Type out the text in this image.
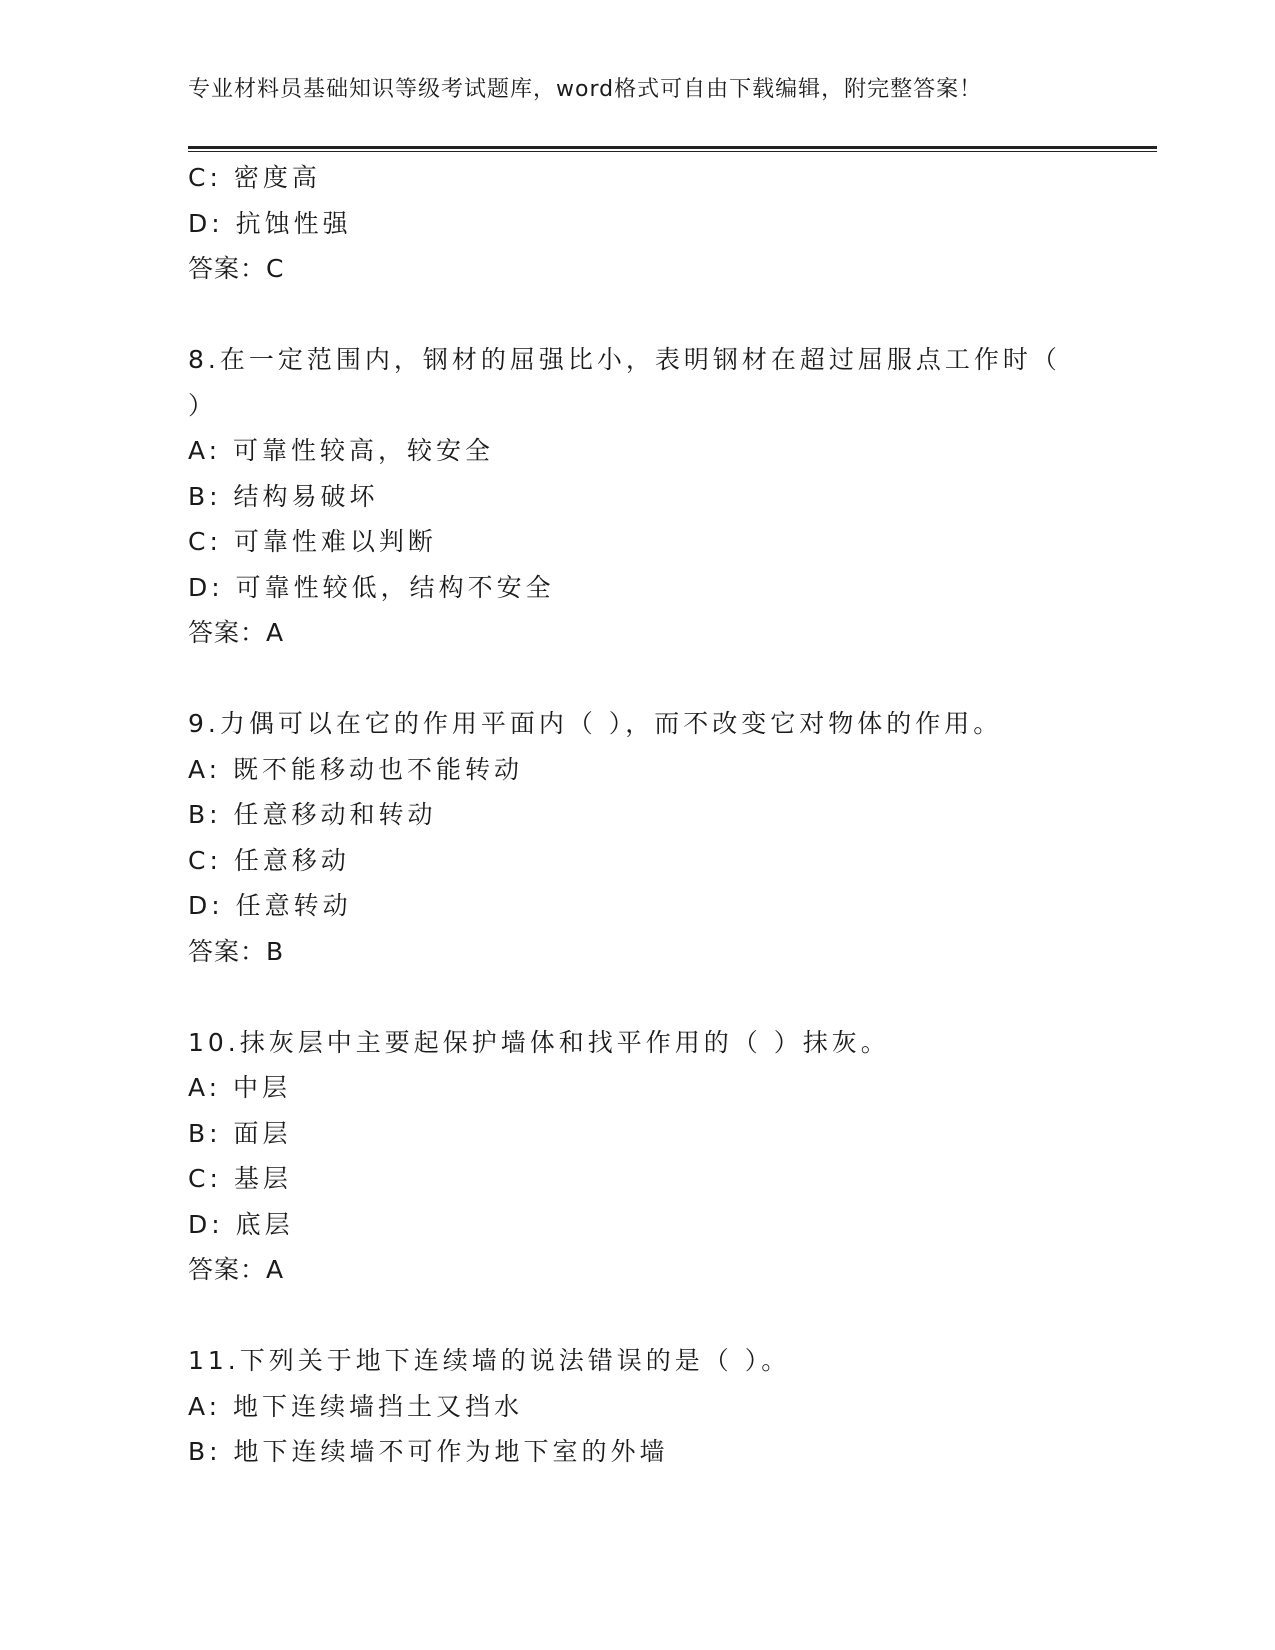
专业材料员基础知识等级考试题库，word格式可自由下载编辑，附完整答案！
C: 密度高
D: 抗蚀性强
答案：C
8.在一定范围内，钢材的屈强比小，表明钢材在超过屈服点工作时（
）
A: 可靠性较高，较安全
B: 结构易破坏
C: 可靠性难以判断
D: 可靠性较低，结构不安全
答案：A
9.力偶可以在它的作用平面内（ ），而不改变它对物体的作用。
A: 既不能移动也不能转动
B: 任意移动和转动
C: 任意移动
D: 任意转动
答案：B
10.抹灰层中主要起保护墙体和找平作用的（ ）抹灰。
A: 中层
B: 面层
C: 基层
D: 底层
答案：A
11.下列关于地下连续墙的说法错误的是（ ）。
A: 地下连续墙挡土又挡水
B: 地下连续墙不可作为地下室的外墙
